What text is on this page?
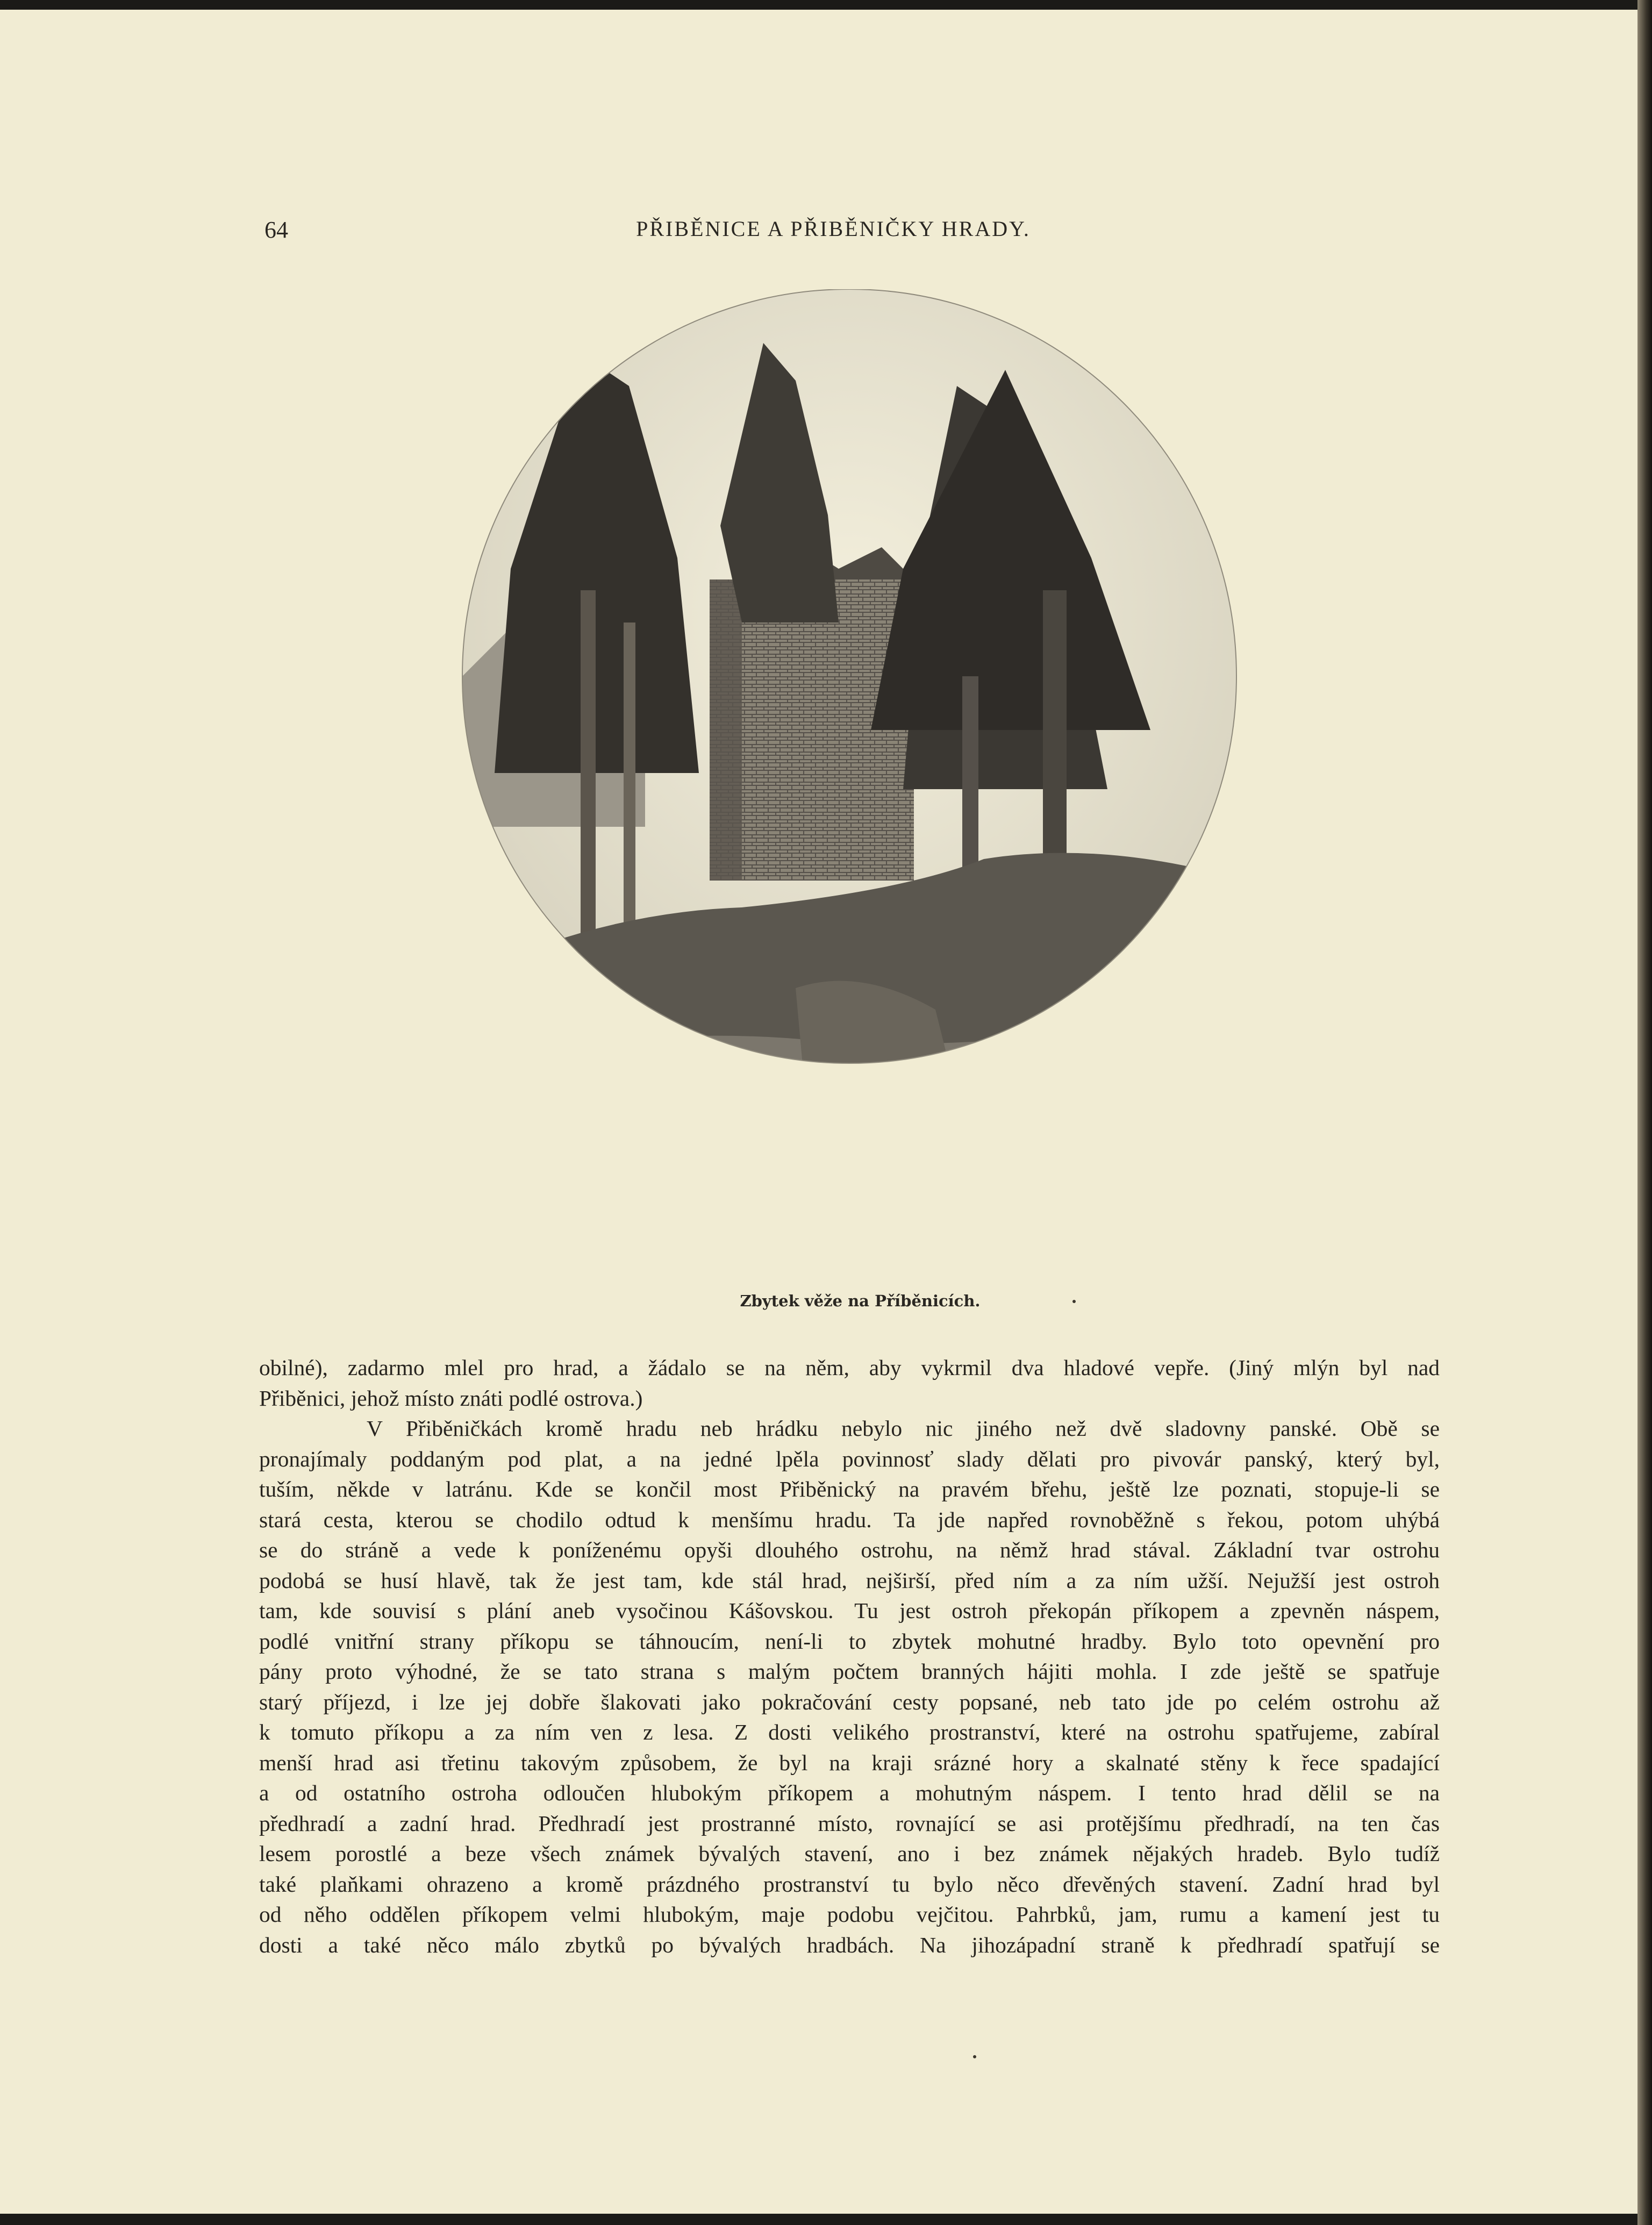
64	PŘIBĚNICE A PŘIBĚNIČKY HRADY.
Zbytek věže na Příběnicích.
obilné), zadarmo mlel pro hrad, a žádalo se na něm, aby vykrmil dva hladové vepře. (Jiný mlýn byl nad
Přiběnici, jehož místo znáti podlé ostrova.)
V Přiběničkách kromě hradu neb hrádku nebylo nic jiného než dvě sladovny panské. Obě se
pronajímaly poddaným pod plat, a na jedné lpěla povinnosť slady dělati pro pivovár panský, který byl,
tuším, někde v latránu. Kde se končil most Přiběnický na pravém břehu, ještě lze poznati, stopuje-li se
stará cesta, kterou se chodilo odtud k menšímu hradu. Ta jde napřed rovnoběžně s řekou, potom uhýbá
se do stráně a vede k poníženému opyši dlouhého ostrohu, na němž hrad stával. Základní tvar ostrohu
podobá se husí hlavě, tak že jest tam, kde stál hrad, nejširší, před ním a za ním užší. Nejužší jest ostroh
tam, kde souvisí s plání aneb vysočinou Kášovskou. Tu jest ostroh překopán příkopem a zpevněn náspem,
podlé vnitřní strany příkopu se táhnoucím, není-li to zbytek mohutné hradby. Bylo toto opevnění pro
pány proto výhodné, že se tato strana s malým počtem branných hájiti mohla. I zde ještě se spatřuje
starý příjezd, i lze jej dobře šlakovati jako pokračování cesty popsané, neb tato jde po celém ostrohu až
k tomuto příkopu a za ním ven z lesa. Z dosti velikého prostranství, které na ostrohu spatřujeme, zabíral
menší hrad asi třetinu takovým způsobem, že byl na kraji srázné hory a skalnaté stěny k řece spadající
a od ostatního ostroha odloučen hlubokým příkopem a mohutným náspem. I tento hrad dělil se na
předhradí a zadní hrad. Předhradí jest prostranné místo, rovnající se asi protějšímu předhradí, na ten čas
lesem porostlé a beze všech známek bývalých stavení, ano i bez známek nějakých hradeb. Bylo tudíž
také plaňkami ohrazeno a kromě prázdného prostranství tu bylo něco dřevěných stavení. Zadní hrad byl
od něho oddělen příkopem velmi hlubokým, maje podobu vejčitou. Pahrbků, jam, rumu a kamení jest tu
dosti a také něco málo zbytků po bývalých hradbách. Na jihozápadní straně k předhradí spatřují se
